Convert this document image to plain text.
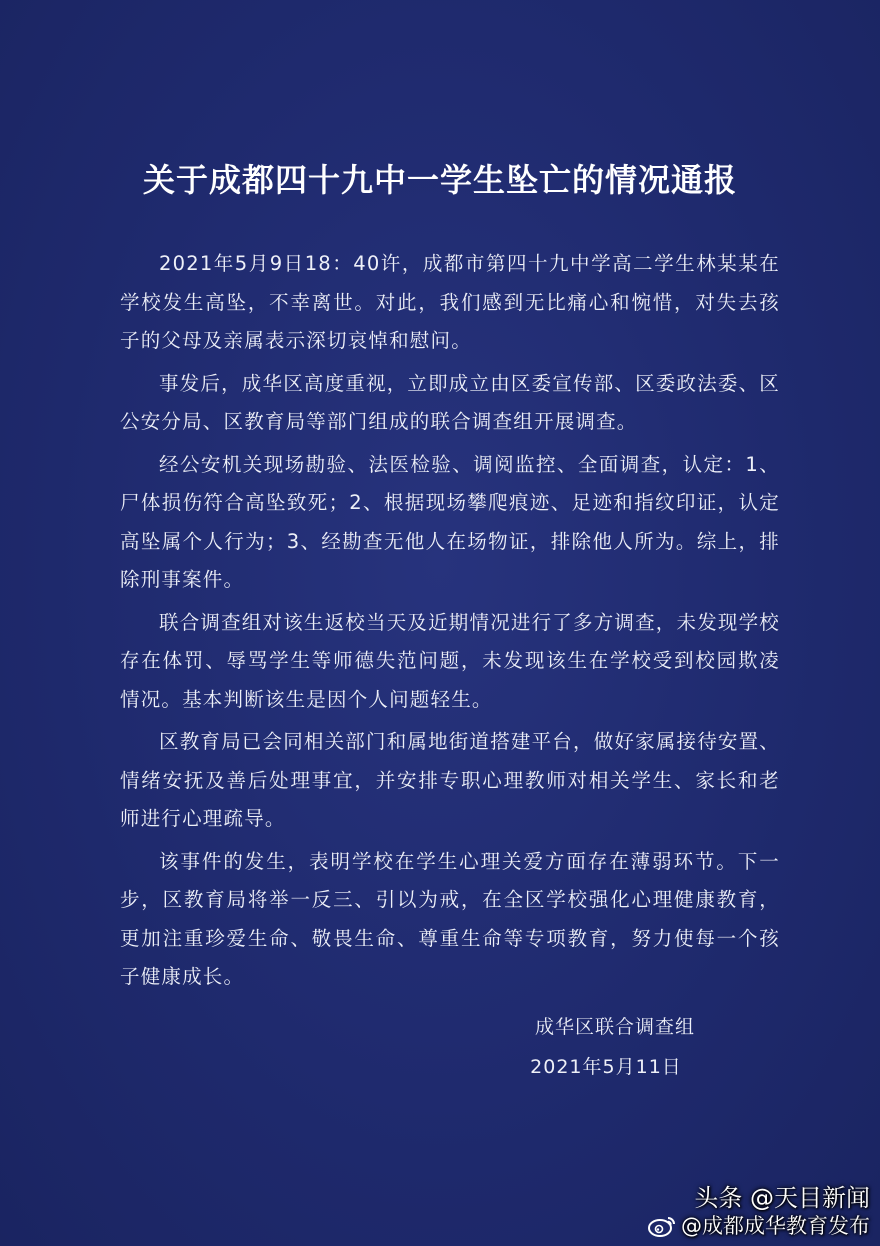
关于成都四十九中一学生坠亡的情况通报

2021年5月9日18：40许，成都市第四十九中学高二学生林某某在学校发生高坠，不幸离世。对此，我们感到无比痛心和惋惜，对失去孩子的父母及亲属表示深切哀悼和慰问。

事发后，成华区高度重视，立即成立由区委宣传部、区委政法委、区公安分局、区教育局等部门组成的联合调查组开展调查。

经公安机关现场勘验、法医检验、调阅监控、全面调查，认定：1、尸体损伤符合高坠致死；2、根据现场攀爬痕迹、足迹和指纹印证，认定高坠属个人行为；3、经勘查无他人在场物证，排除他人所为。综上，排除刑事案件。

联合调查组对该生返校当天及近期情况进行了多方调查，未发现学校存在体罚、辱骂学生等师德失范问题，未发现该生在学校受到校园欺凌情况。基本判断该生是因个人问题轻生。

区教育局已会同相关部门和属地街道搭建平台，做好家属接待安置、情绪安抚及善后处理事宜，并安排专职心理教师对相关学生、家长和老师进行心理疏导。

该事件的发生，表明学校在学生心理关爱方面存在薄弱环节。下一步，区教育局将举一反三、引以为戒，在全区学校强化心理健康教育，更加注重珍爱生命、敬畏生命、尊重生命等专项教育，努力使每一个孩子健康成长。

成华区联合调查组
2021年5月11日
头条 @天目新闻
@成都成华教育发布
